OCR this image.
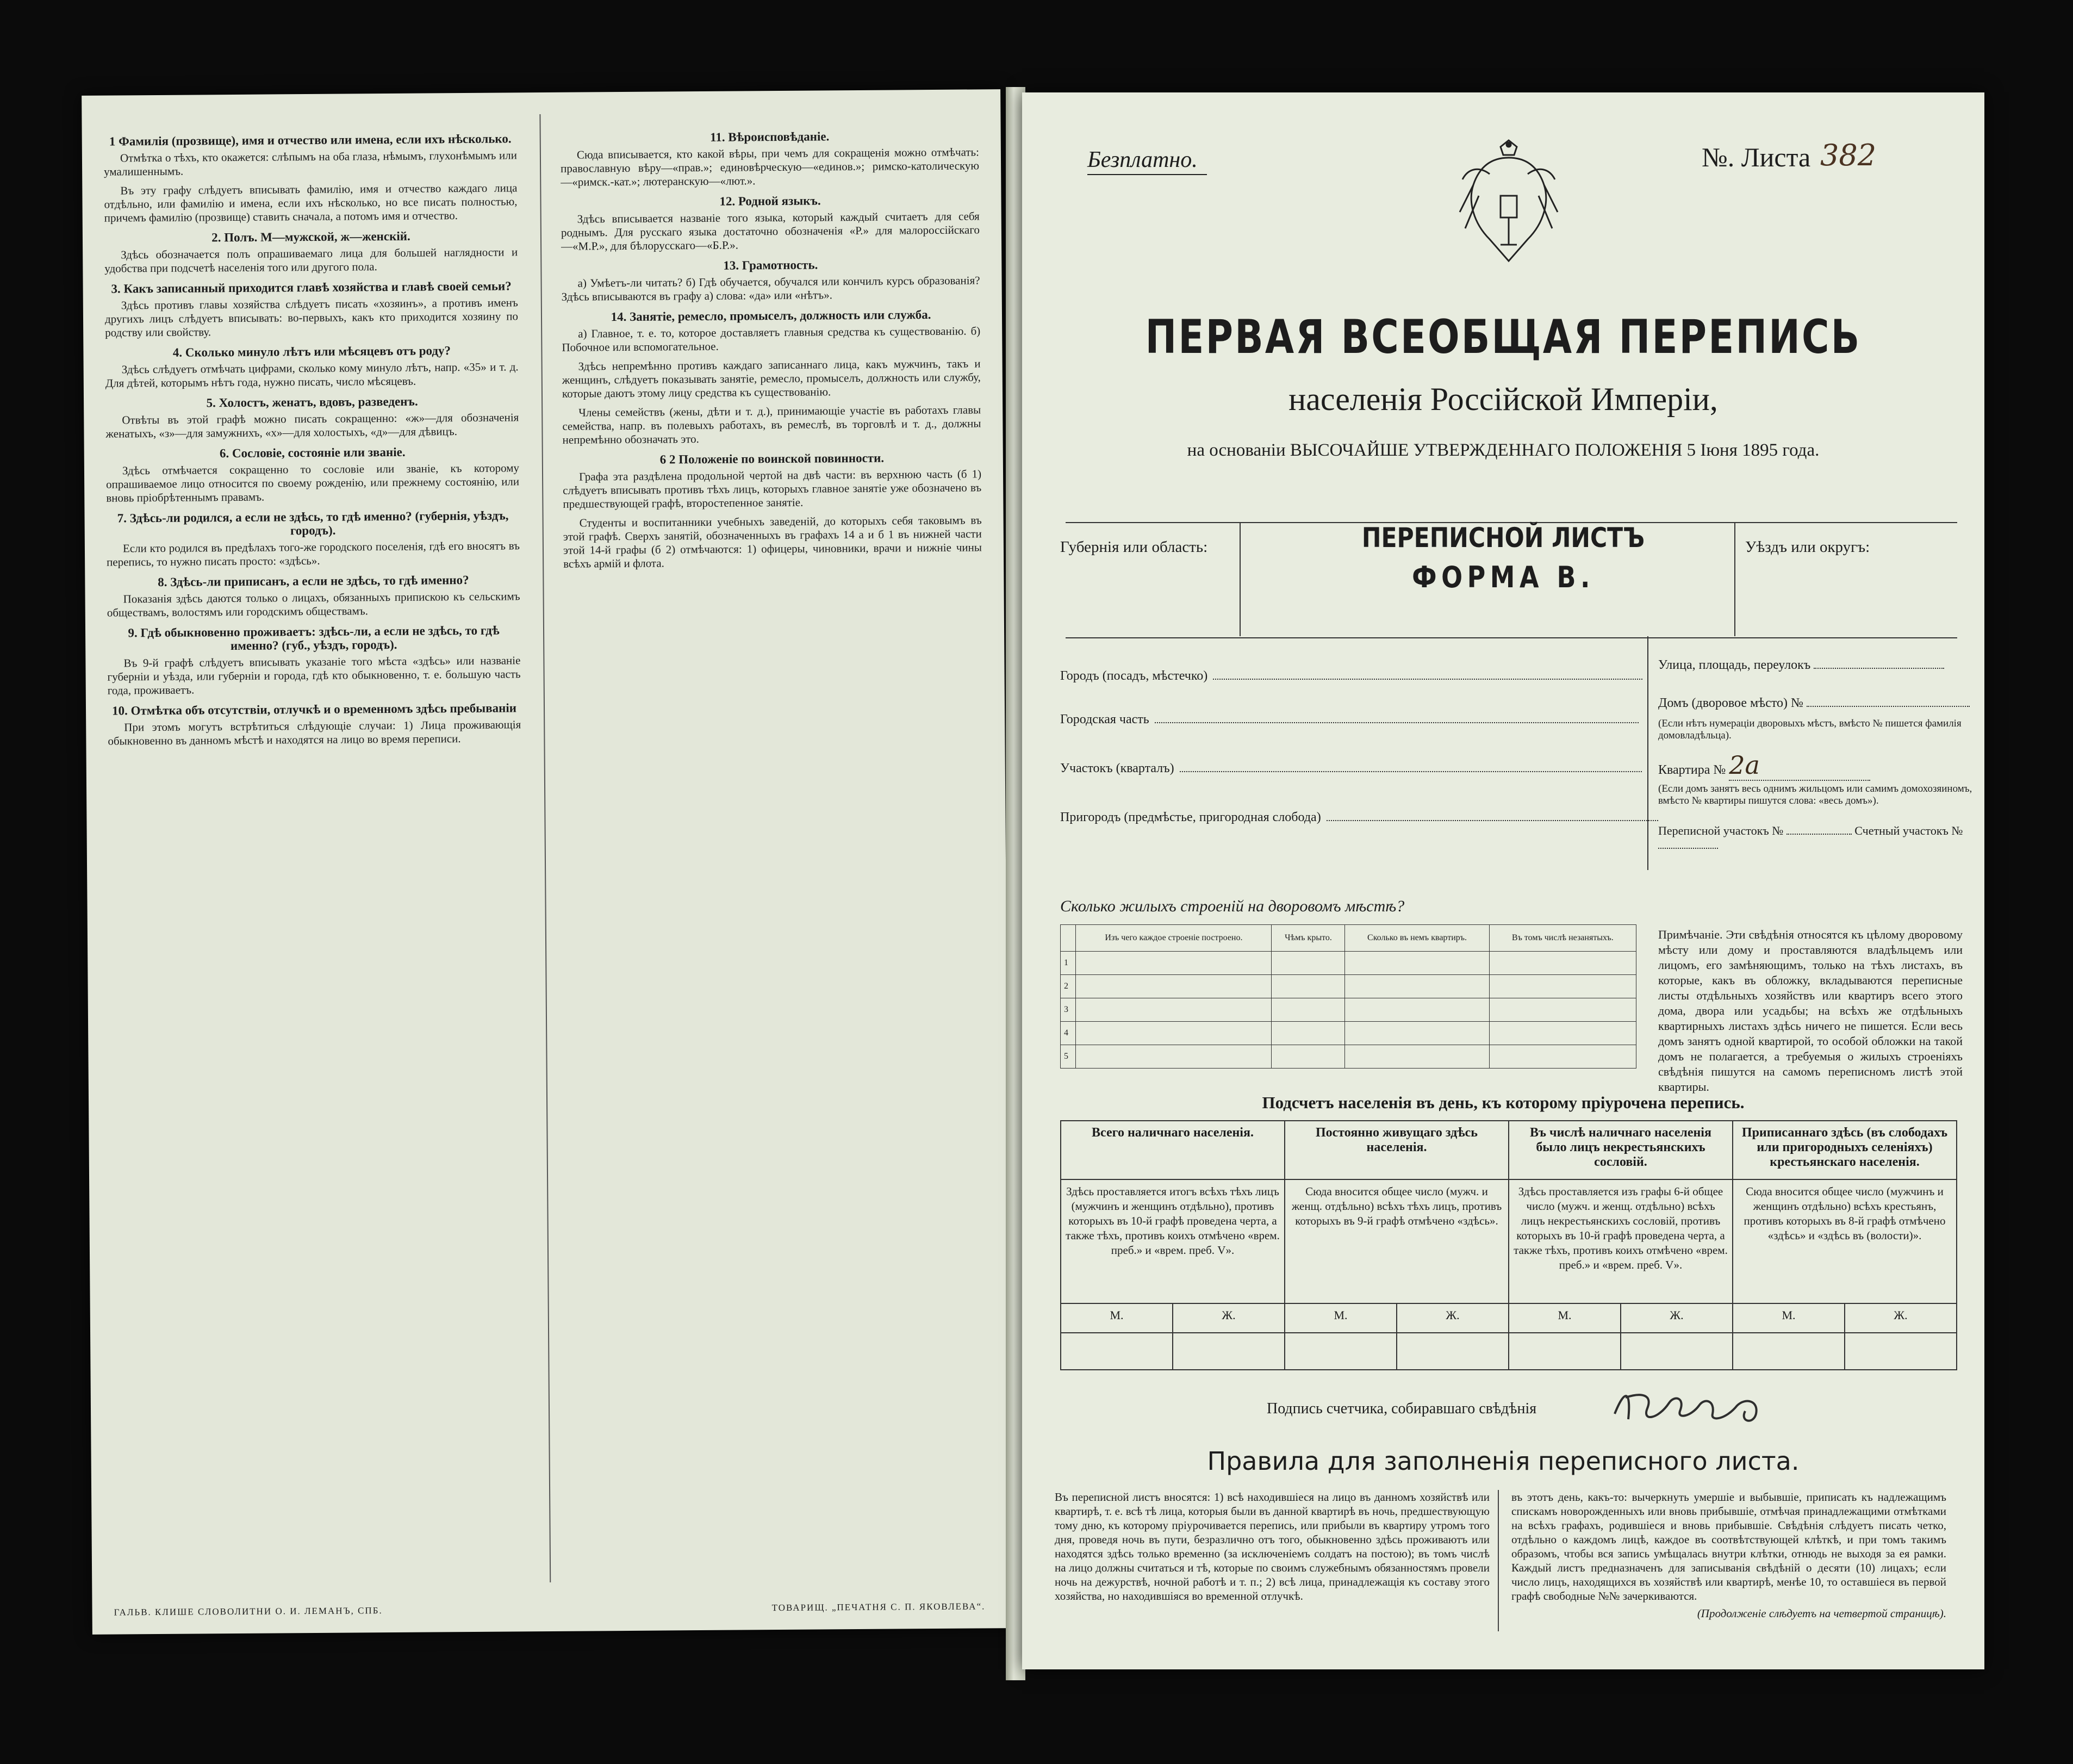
1 Фамилія (прозвище), имя и отчество или имена, если ихъ нѣсколько.
Отмѣтка о тѣхъ, кто окажется: слѣпымъ на оба глаза, нѣмымъ, глухонѣмымъ или умалишеннымъ.
Въ эту графу слѣдуетъ вписывать фамилію, имя и отчество каждаго лица отдѣльно, или фамилію и имена, если ихъ нѣсколько, но все писать полностью, причемъ фамилію (прозвище) ставить сначала, а потомъ имя и отчество.
2. Полъ. М—мужской, ж—женскій.
Здѣсь обозначается полъ опрашиваемаго лица для большей наглядности и удобства при подсчетѣ населенія того или другого пола.
3. Какъ записанный приходится главѣ хозяйства и главѣ своей семьи?
Здѣсь противъ главы хозяйства слѣдуетъ писать «хозяинъ», а противъ именъ другихъ лицъ слѣдуетъ вписывать: во-первыхъ, какъ кто приходится хозяину по родству или свойству.
4. Сколько минуло лѣтъ или мѣсяцевъ отъ роду?
Здѣсь слѣдуетъ отмѣчать цифрами, сколько кому минуло лѣтъ, напр. «35» и т. д. Для дѣтей, которымъ нѣтъ года, нужно писать, число мѣсяцевъ.
5. Холостъ, женатъ, вдовъ, разведенъ.
Отвѣты въ этой графѣ можно писать сокращенно: «ж»—для обозначенія женатыхъ, «з»—для замужнихъ, «х»—для холостыхъ, «д»—для дѣвицъ.
6. Сословіе, состояніе или званіе.
Здѣсь отмѣчается сокращенно то сословіе или званіе, къ которому опрашиваемое лицо относится по своему рожденію, или прежнему состоянію, или вновь пріобрѣтеннымъ правамъ.
7. Здѣсь-ли родился, а если не здѣсь, то гдѣ именно? (губернія, уѣздъ, городъ).
Если кто родился въ предѣлахъ того-же городского поселенія, гдѣ его вносятъ въ перепись, то нужно писать просто: «здѣсь».
8. Здѣсь-ли приписанъ, а если не здѣсь, то гдѣ именно?
Показанія здѣсь даются только о лицахъ, обязанныхъ припискою къ сельскимъ обществамъ, волостямъ или городскимъ обществамъ.
9. Гдѣ обыкновенно проживаетъ: здѣсь-ли, а если не здѣсь, то гдѣ именно? (губ., уѣздъ, городъ).
Въ 9-й графѣ слѣдуетъ вписывать указаніе того мѣста «здѣсь» или названіе губерніи и уѣзда, или губерніи и города, гдѣ кто обыкновенно, т. е. большую часть года, проживаетъ.
10. Отмѣтка объ отсутствіи, отлучкѣ и о временномъ здѣсь пребываніи
При этомъ могутъ встрѣтиться слѣдующіе случаи: 1) Лица проживающія обыкновенно въ данномъ мѣстѣ и находятся на лицо во время переписи.
11. Вѣроисповѣданіе.
Сюда вписывается, кто какой вѣры, при чемъ для сокращенія можно отмѣчать: православную вѣру—«прав.»; единовѣрческую—«единов.»; римско-католическую—«римск.-кат.»; лютеранскую—«лют.».
12. Родной языкъ.
Здѣсь вписывается названіе того языка, который каждый считаетъ для себя роднымъ. Для русскаго языка достаточно обозначенія «Р.» для малороссійскаго—«М.Р.», для бѣлорусскаго—«Б.Р.».
13. Грамотность.
а) Умѣетъ-ли читать? б) Гдѣ обучается, обучался или кончилъ курсъ образованія? Здѣсь вписываются въ графу а) слова: «да» или «нѣтъ».
14. Занятіе, ремесло, промыселъ, должность или служба.
а) Главное, т. е. то, которое доставляетъ главныя средства къ существованію. б) Побочное или вспомогательное.
Здѣсь непремѣнно противъ каждаго записаннаго лица, какъ мужчинъ, такъ и женщинъ, слѣдуетъ показывать занятіе, ремесло, промыселъ, должность или службу, которые даютъ этому лицу средства къ существованію.
Члены семействъ (жены, дѣти и т. д.), принимающіе участіе въ работахъ главы семейства, напр. въ полевыхъ работахъ, въ ремеслѣ, въ торговлѣ и т. д., должны непремѣнно обозначать это.
6 2 Положеніе по воинской повинности.
Графа эта раздѣлена продольной чертой на двѣ части: въ верхнюю часть (б 1) слѣдуетъ вписывать противъ тѣхъ лицъ, которыхъ главное занятіе уже обозначено въ предшествующей графѣ, второстепенное занятіе.
Студенты и воспитанники учебныхъ заведеній, до которыхъ себя таковымъ въ этой графѣ. Сверхъ занятій, обозначенныхъ въ графахъ 14 а и б 1 въ нижней части этой 14-й графы (б 2) отмѣчаются: 1) офицеры, чиновники, врачи и нижніе чины всѣхъ армій и флота.
ГАЛЬВ. КЛИШЕ СЛОВОЛИТНИ О. И. ЛЕМАНЪ, СПБ.	ТОВАРИЩ. „ПЕЧАТНЯ С. П. ЯКОВЛЕВА“.
Безплатно.	№. Листа 382
ПЕРВАЯ ВСЕОБЩАЯ ПЕРЕПИСЬ
населенія Россійской Имперіи,
на основаніи ВЫСОЧАЙШЕ УТВЕРЖДЕННАГО ПОЛОЖЕНІЯ 5 Іюня 1895 года.
Губернія или область:	ПЕРЕПИСНОЙ ЛИСТЪ
ФОРМА В.
Уѣздъ или округъ:
Улица, площадь, переулокъ
Домъ (дворовое мѣсто) №
(Если нѣтъ нумераціи дворовыхъ мѣстъ, вмѣсто № пишется фамилія домовладѣльца).
Квартира № 2а
(Если домъ занятъ весь однимъ жильцомъ или самимъ домохозяиномъ, вмѣсто № квартиры пишутся слова: «весь домъ»).
Переписной участокъ №	Счетный участокъ №
Сколько жилыхъ строеній на дворовомъ мѣстѣ?
	Изъ чего каждое строеніе построено.	Чѣмъ крыто.	Сколько въ немъ квартиръ.	Въ томъ числѣ незанятыхъ.
1				
2				
3				
4				
5				
Примѣчаніе. Эти свѣдѣнія относятся къ цѣлому дворовому мѣсту или дому и проставляются владѣльцемъ или лицомъ, его замѣняющимъ, только на тѣхъ листахъ, въ которые, какъ въ обложку, вкладываются переписные листы отдѣльныхъ хозяйствъ или квартиръ всего этого дома, двора или усадьбы; на всѣхъ же отдѣльныхъ квартирныхъ листахъ здѣсь ничего не пишется. Если весь домъ занятъ одной квартирой, то особой обложки на такой домъ не полагается, а требуемыя о жилыхъ строеніяхъ свѣдѣнія пишутся на самомъ переписномъ листѣ этой квартиры.
Подсчетъ населенія въ день, къ которому пріурочена перепись.
Всего наличнаго населенія.		Постоянно живущаго здѣсь населенія.		Въ числѣ наличнаго населенія было лицъ некрестьянскихъ сословій.		Приписаннаго здѣсь (въ слободахъ или пригородныхъ селеніяхъ) крестьянскаго населенія.	
Здѣсь проставляется итогъ всѣхъ тѣхъ лицъ (мужчинъ и женщинъ отдѣльно), противъ которыхъ въ 10-й графѣ проведена черта, а также тѣхъ, противъ коихъ отмѣчено «врем. преб.» и «врем. преб. V».		Сюда вносится общее число (мужч. и женщ. отдѣльно) всѣхъ тѣхъ лицъ, противъ которыхъ въ 9-й графѣ отмѣчено «здѣсь».		Здѣсь проставляется изъ графы 6-й общее число (мужч. и женщ. отдѣльно) всѣхъ лицъ некрестьянскихъ сословій, противъ которыхъ въ 10-й графѣ проведена черта, а также тѣхъ, противъ коихъ отмѣчено «врем. преб.» и «врем. преб. V».		Сюда вносится общее число (мужчинъ и женщинъ отдѣльно) всѣхъ крестьянъ, противъ которыхъ въ 8-й графѣ отмѣчено «здѣсь» и «здѣсь въ (волости)».	
М.	Ж.	М.	Ж.	М.	Ж.	М.	Ж.

Подпись счетчика, собиравшаго свѣдѣнія
Правила для заполненія переписного листа.
Въ переписной листъ вносятся: 1) всѣ находившіеся на лицо въ данномъ хозяйствѣ или квартирѣ, т. е. всѣ тѣ лица, которыя были въ данной квартирѣ въ ночь, предшествующую тому дню, къ которому пріурочивается перепись, или прибыли въ квартиру утромъ того дня, проведя ночь въ пути, безразлично отъ того, обыкновенно здѣсь проживаютъ или находятся здѣсь только временно (за исключеніемъ солдатъ на постою); въ томъ числѣ на лицо должны считаться и тѣ, которые по своимъ служебнымъ обязанностямъ провели ночь на дежурствѣ, ночной работѣ и т. п.; 2) всѣ лица, принадлежащія къ составу этого хозяйства, но находившіяся во временной отлучкѣ.
въ этотъ день, какъ-то: вычеркнуть умершіе и выбывшіе, приписать къ надлежащимъ спискамъ новорожденныхъ или вновь прибывшіе, отмѣчая принадлежащими отмѣтками на всѣхъ графахъ, родившіеся и вновь прибывшіе. Свѣдѣнія слѣдуетъ писать четко, отдѣльно о каждомъ лицѣ, каждое въ соотвѣтствующей клѣткѣ, и при томъ такимъ образомъ, чтобы вся запись умѣщалась внутри клѣтки, отнюдь не выходя за ея рамки. Каждый листъ предназначенъ для записыванія свѣдѣній о десяти (10) лицахъ; если число лицъ, находящихся въ хозяйствѣ или квартирѣ, менѣе 10, то оставшіеся въ первой графѣ свободные №№ зачеркиваются.
(Продолженіе слѣдуетъ на четвертой страницѣ).
Городъ (посадъ, мѣстечко)
Городская часть
Участокъ (кварталъ)
Пригородъ (предмѣстье, пригородная слобода)
